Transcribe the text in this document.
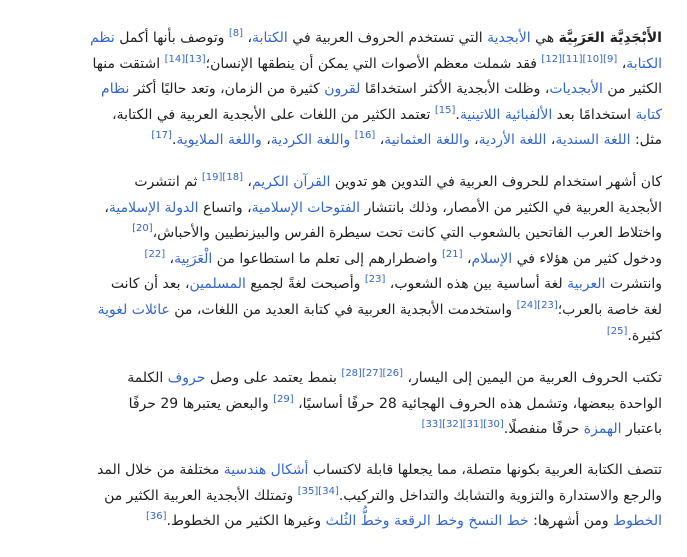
الأَبْجَدِيَّة العَرَبِيَّة هي الأبجدية التي تستخدم الحروف العربية في الكتابة، [8] وتوصف بأنها أكمل نظم
الكتابة، [9][10][11][12] فقد شملت معظم الأصوات التي يمكن أن ينطقها الإنسان؛[13][14] اشتقت منها
الكثير من الأبجديات، وظلت الأبجدية الأكثر استخدامًا لقرون كثيرة من الزمان، وتعد حاليًا أكثر نظام
كتابة استخدامًا بعد الألفبائية اللاتينية.[15] تعتمد الكثير من اللغات على الأبجدية العربية في الكتابة،
مثل: اللغة السندية، اللغة الأردية، واللغة العثمانية، [16] واللغة الكردية، واللغة الملايوية.[17]

كان أشهر استخدام للحروف العربية في التدوين هو تدوين القرآن الكريم، [18][19] ثم انتشرت
الأبجدية العربية في الكثير من الأمصار، وذلك بانتشار الفتوحات الإسلامية، واتساع الدولة الإسلامية،
واختلاط العرب الفاتحين بالشعوب التي كانت تحت سيطرة الفرس والبيزنطيين والأحباش،[20]
ودخول كثير من هؤلاء في الإسلام، [21] واضطرارهم إلى تعلم ما استطاعوا من الْعَرَبِية، [22]
وانتشرت العربية لغة أساسية بين هذه الشعوب، [23] وأصبحت لغةً لجميع المسلمين، بعد أن كانت
لغة خاصة بالعرب؛[23][24] واستخدمت الأبجدية العربية في كتابة العديد من اللغات، من عائلات لغوية
كثيرة.[25]

تكتب الحروف العربية من اليمين إلى اليسار، [26][27][28] بنمط يعتمد على وصل حروف الكلمة
الواحدة ببعضها، وتشمل هذه الحروف الهجائية 28 حرفًا أساسيًا، [29] والبعض يعتبرها 29 حرفًا
باعتبار الهمزة حرفًا منفصلًا.[30][31][32][33]

تتصف الكتابة العربية بكونها متصلة، مما يجعلها قابلة لاكتساب أشكال هندسية مختلفة من خلال المد
والرجع والاستدارة والتزوية والتشابك والتداخل والتركيب.[34][35] وتمتلك الأبجدية العربية الكثير من
الخطوط ومن أشهرها: خط النسخ وخط الرقعة وخطُّ الثُلث وغيرها الكثير من الخطوط.[36]
